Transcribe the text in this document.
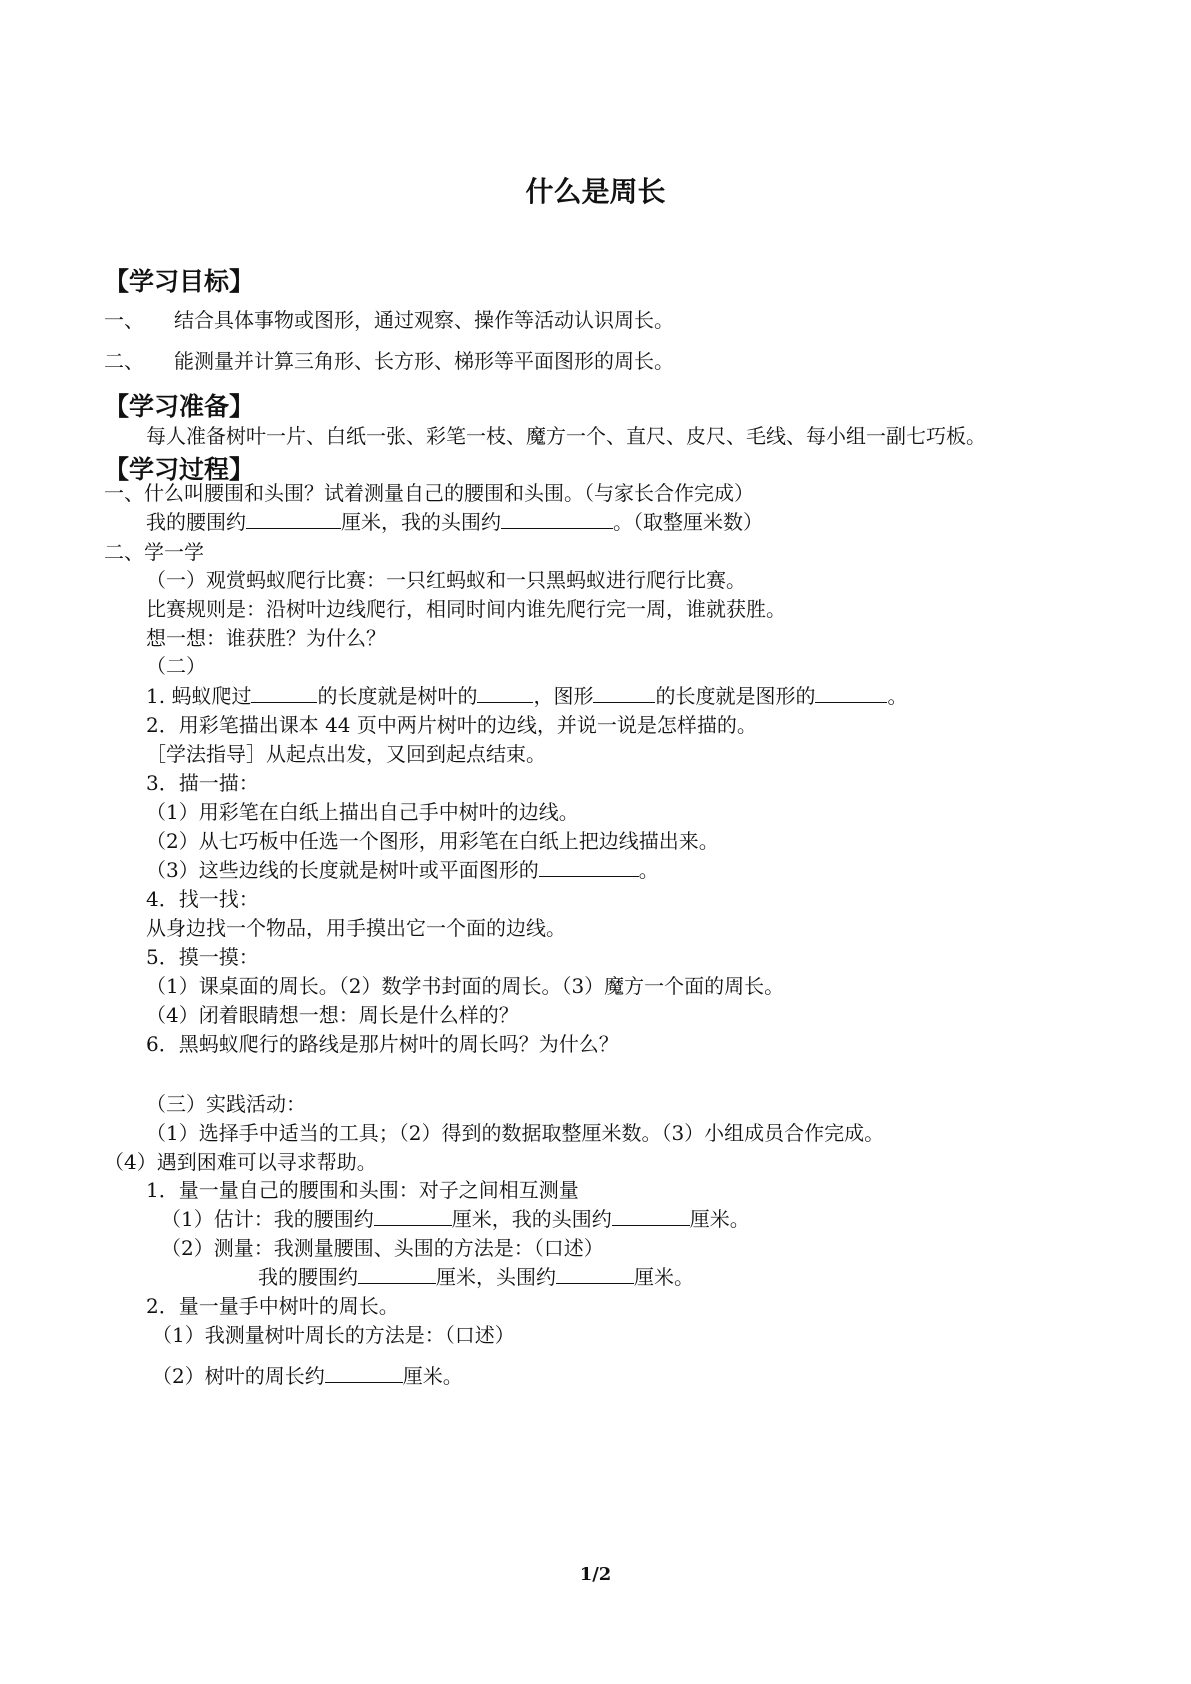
什么是周长
【学习目标】
一、 结合具体事物或图形，通过观察、操作等活动认识周长。
二、 能测量并计算三角形、长方形、梯形等平面图形的周长。
【学习准备】
每人准备树叶一片、白纸一张、彩笔一枝、魔方一个、直尺、皮尺、毛线、每小组一副七巧板。
【学习过程】
一、什么叫腰围和头围？试着测量自己的腰围和头围。（与家长合作完成）
我的腰围约	厘米，我的头围约	。（取整厘米数）
二、学一学
（一）观赏蚂蚁爬行比赛：一只红蚂蚁和一只黑蚂蚁进行爬行比赛。
比赛规则是：沿树叶边线爬行，相同时间内谁先爬行完一周，谁就获胜。
想一想：谁获胜？为什么？
（二）
1. 蚂蚁爬过	的长度就是树叶的	，图形	的长度就是图形的	。
2．用彩笔描出课本 44 页中两片树叶的边线，并说一说是怎样描的。
［学法指导］从起点出发，又回到起点结束。
3．描一描：
（1）用彩笔在白纸上描出自己手中树叶的边线。
（2）从七巧板中任选一个图形，用彩笔在白纸上把边线描出来。
（3）这些边线的长度就是树叶或平面图形的	。
4．找一找：
从身边找一个物品，用手摸出它一个面的边线。
5．摸一摸：
（1）课桌面的周长。（2）数学书封面的周长。（3）魔方一个面的周长。
（4）闭着眼睛想一想：周长是什么样的？
6．黑蚂蚁爬行的路线是那片树叶的周长吗？为什么？
（三）实践活动：
（1）选择手中适当的工具；（2）得到的数据取整厘米数。（3）小组成员合作完成。
（4）遇到困难可以寻求帮助。
1．量一量自己的腰围和头围：对子之间相互测量
（1）估计：我的腰围约	厘米，我的头围约	厘米。
（2）测量：我测量腰围、头围的方法是：（口述）
我的腰围约	厘米，头围约	厘米。
2．量一量手中树叶的周长。
（1）我测量树叶周长的方法是：（口述）
（2）树叶的周长约	厘米。
1/2
